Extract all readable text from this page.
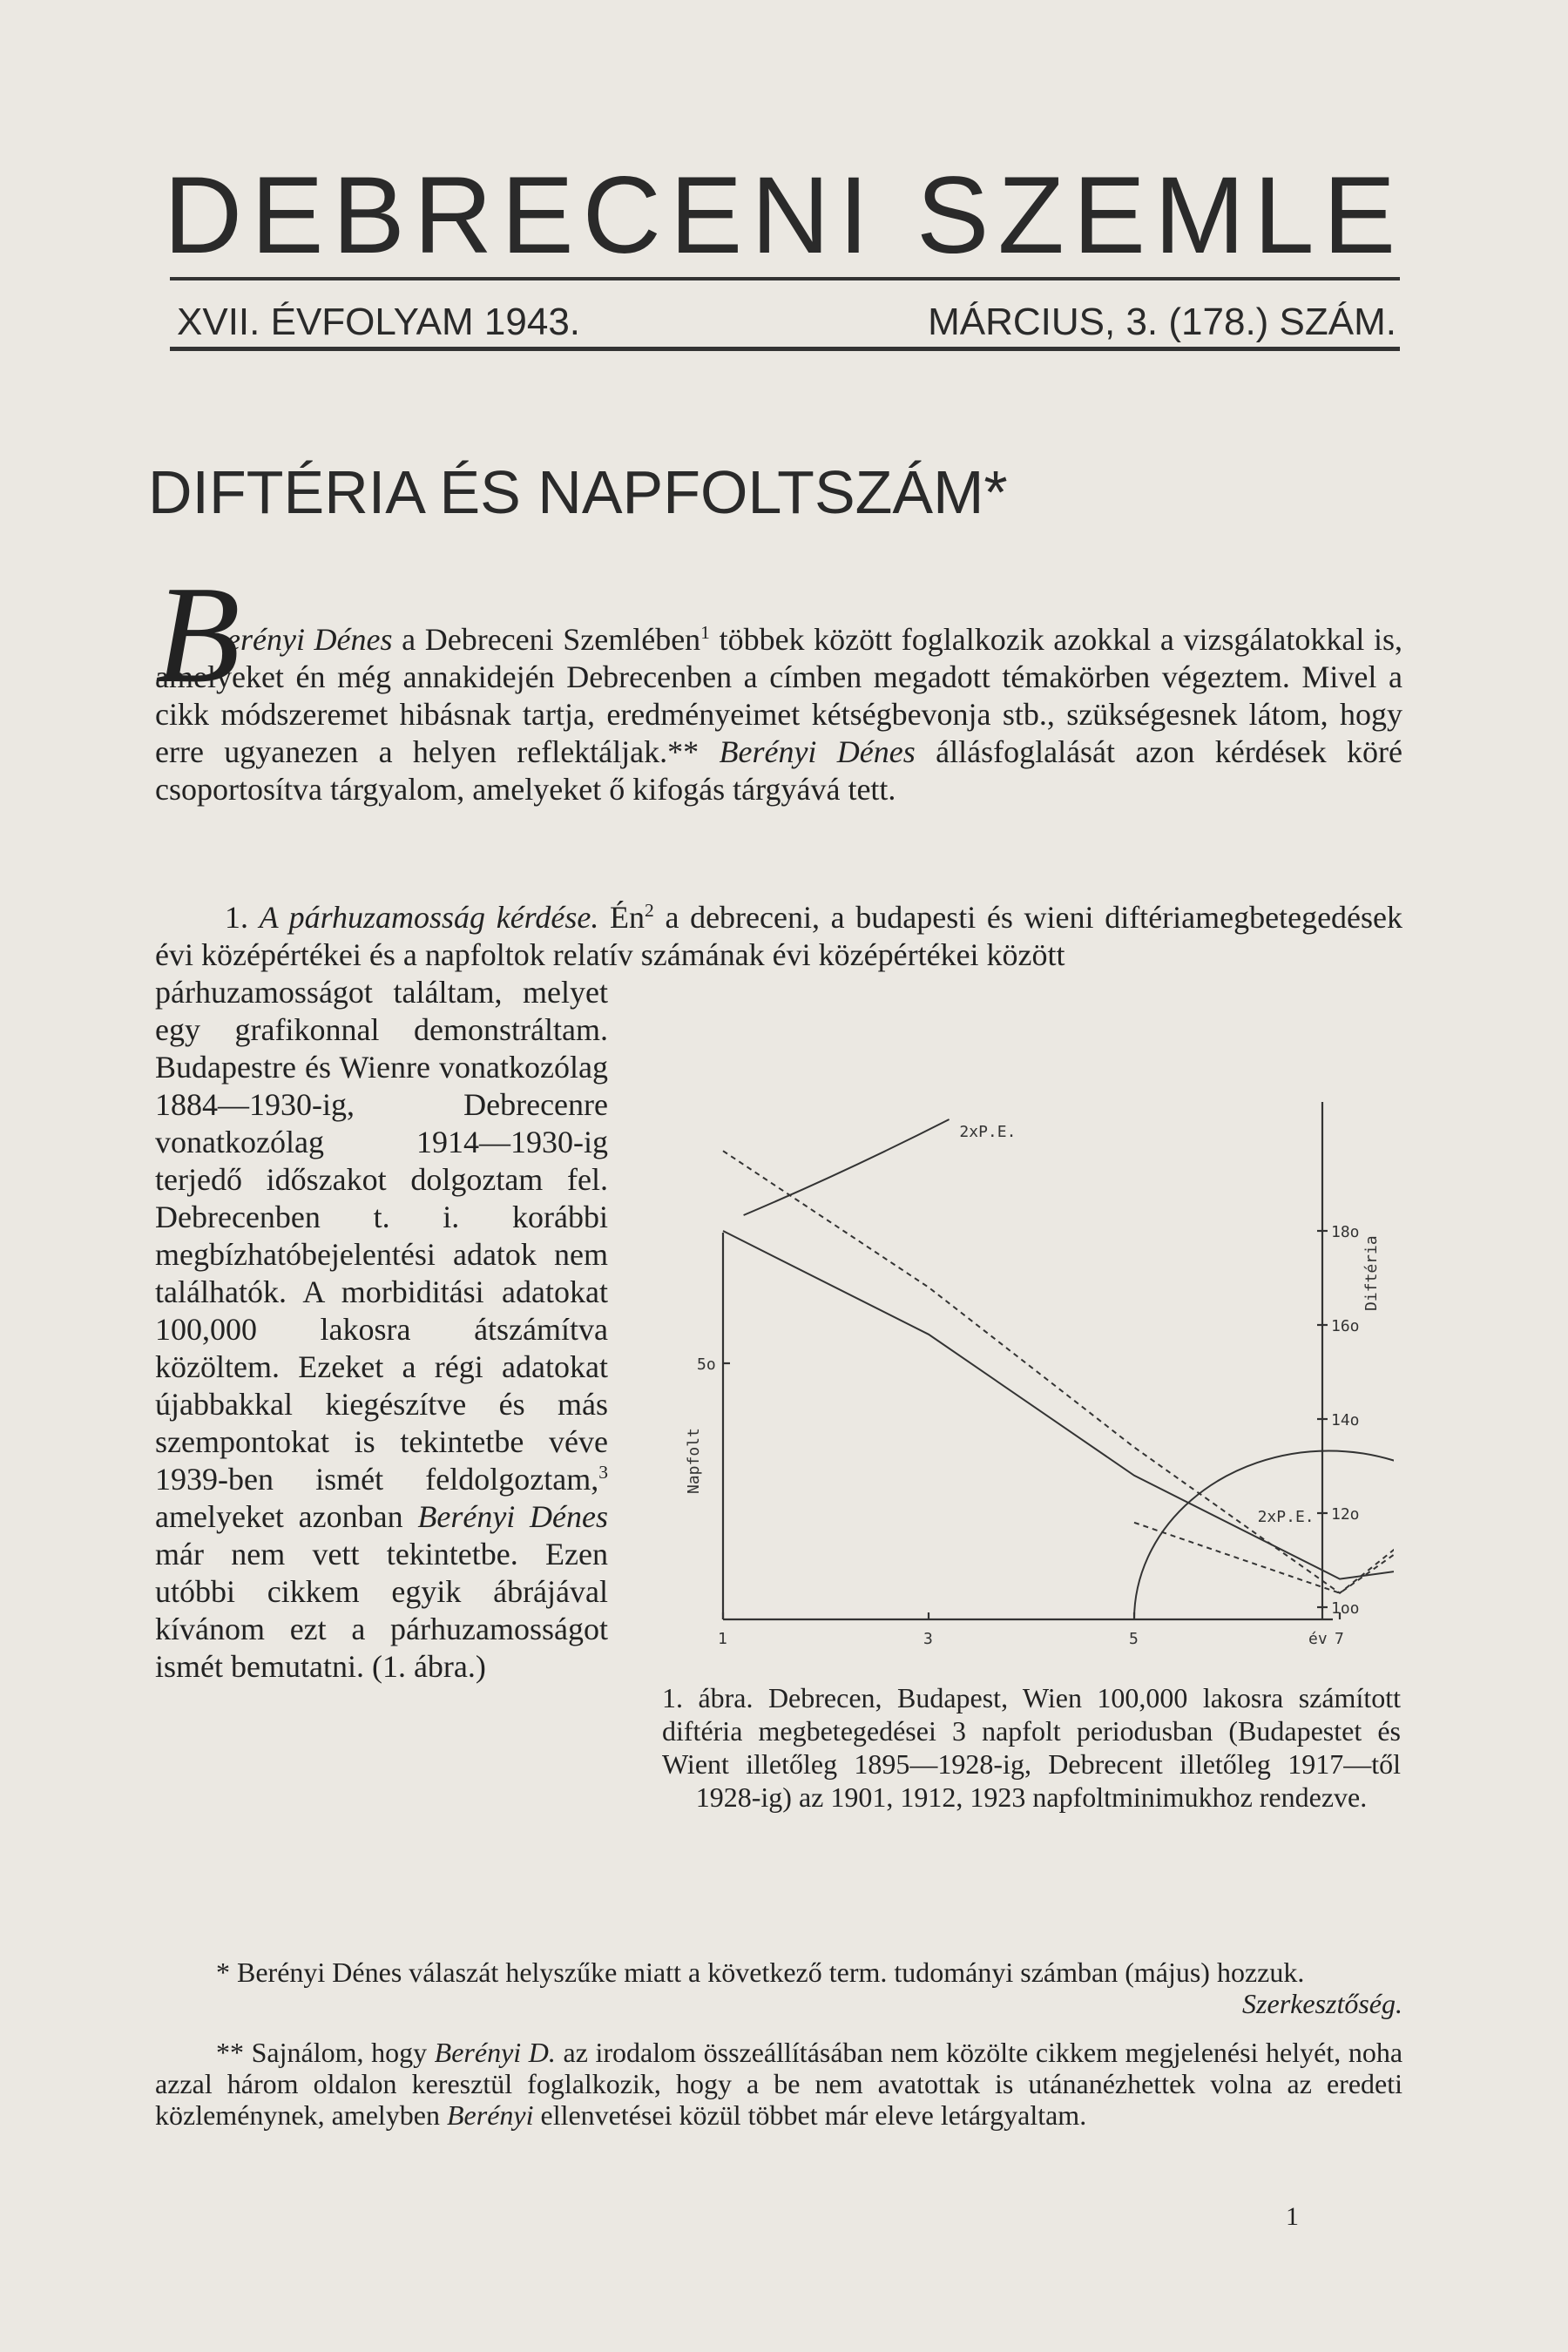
DEBRECENI SZEMLE
XVII. ÉVFOLYAM 1943.	MÁRCIUS, 3. (178.) SZÁM.
DIFTÉRIA ÉS NAPFOLTSZÁM*
B
erényi Dénes a Debreceni Szemlében$^1$ többek között foglalkozik azokkal a vizsgálatokkal is, amelyeket én még annakidején Debrecenben a címben megadott témakörben végeztem. Mivel a cikk módszeremet hibásnak tartja, eredményeimet kétségbevonja stb., szükségesnek látom, hogy erre ugyanezen a helyen reflektáljak.** Berényi Dénes állásfoglalását azon kérdések köré csoportosítva tárgyalom, amelyeket ő kifogás tárgyává tett.
1. A párhuzamosság kérdése. $Én^2$ a debreceni, a budapesti és wieni diftériamegbetegedések évi középértékei és a napfoltok relatív számának évi középértékei között
párhuzamosságot találtam, melyet egy grafikonnal demonstráltam. Budapestre és Wienre vonatkozólag 1884—1930-ig, Debrecenre vonatkozólag 1914—1930-ig terjedő időszakot dolgoztam fel. Debrecenben t. i. korábbi megbízhatóbejelentési adatok nem találhatók. A morbiditási adatokat 100,000 lakosra átszámítva közöltem. Ezeket a régi adatokat újabbakkal kiegészítve és más szempontokat is tekintetbe véve 1939-ben ismét feldolgoztam,$^3$ amelyeket azonban Berényi Dénes már nem vett tekintetbe. Ezen utóbbi cikkem egyik ábrájával kívánom ezt a párhuzamosságot ismét bemutatni. (1. ábra.)
1	3	5	7
év
1oo
12o
14o
16o
18o
5o
Napfolt
Diftéria
2xP.E.
2xP.E.
1. ábra. Debrecen, Budapest, Wien 100,000 lakosra számított diftéria megbetegedései 3 napfolt periodusban (Budapestet és Wient illetőleg 1895—1928-ig, Debrecent illetőleg 1917—től 1928-ig) az 1901, 1912, 1923 napfoltminimukhoz rendezve.
* Berényi Dénes válaszát helyszűke miatt a következő term. tudományi számban (május) hozzuk.
Szerkesztőség.
** Sajnálom, hogy Berényi D. az irodalom összeállításában nem közölte cikkem megjelenési helyét, noha azzal három oldalon keresztül foglalkozik, hogy a be nem avatottak is utánanézhettek volna az eredeti közleménynek, amelyben Berényi ellenvetései közül többet már eleve letárgyaltam.
1
